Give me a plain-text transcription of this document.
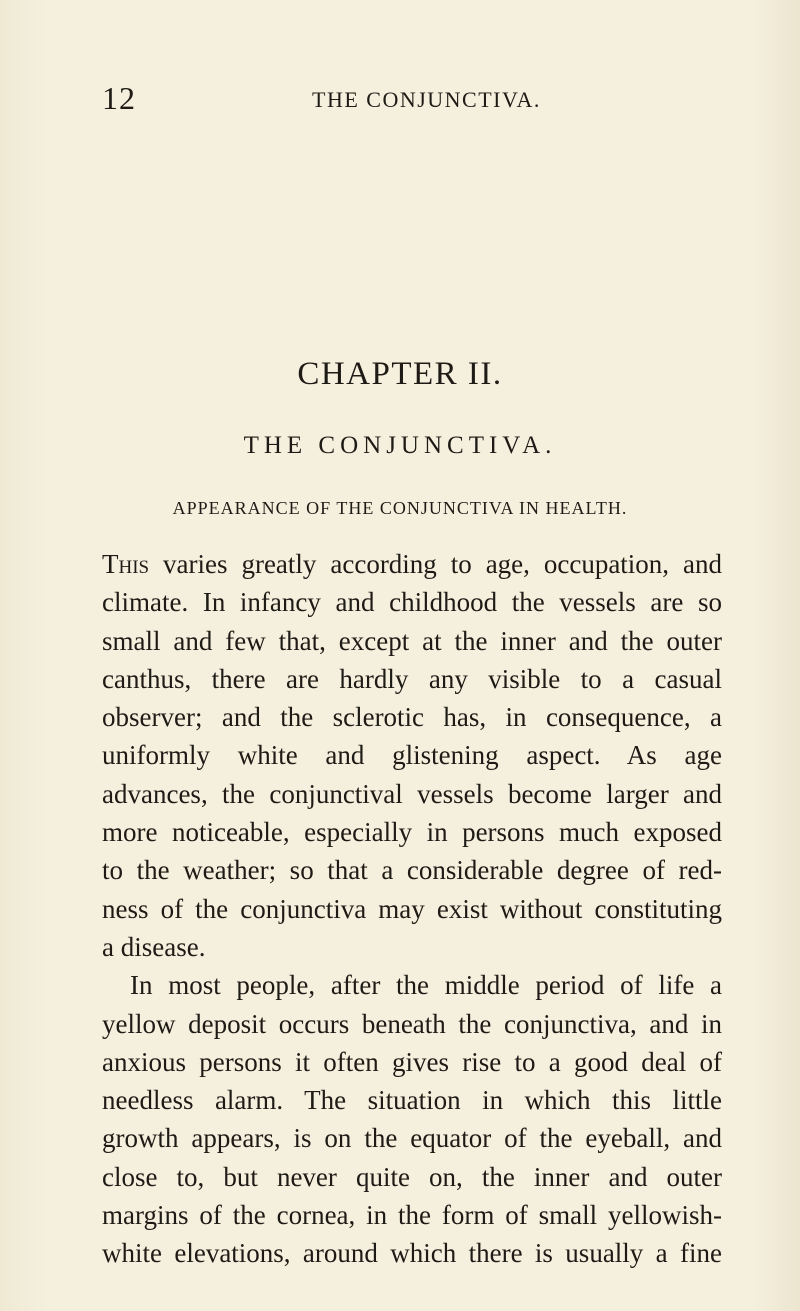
12	THE CONJUNCTIVA.
CHAPTER II.
THE CONJUNCTIVA.
APPEARANCE OF THE CONJUNCTIVA IN HEALTH.
This varies greatly according to age, occupation, and
climate. In infancy and childhood the vessels are so
small and few that, except at the inner and the outer
canthus, there are hardly any visible to a casual
observer; and the sclerotic has, in consequence, a
uniformly white and glistening aspect. As age
advances, the conjunctival vessels become larger and
more noticeable, especially in persons much exposed
to the weather; so that a considerable degree of red-
ness of the conjunctiva may exist without constituting
a disease.
In most people, after the middle period of life a
yellow deposit occurs beneath the conjunctiva, and in
anxious persons it often gives rise to a good deal of
needless alarm. The situation in which this little
growth appears, is on the equator of the eyeball, and
close to, but never quite on, the inner and outer
margins of the cornea, in the form of small yellowish-
white elevations, around which there is usually a fine
